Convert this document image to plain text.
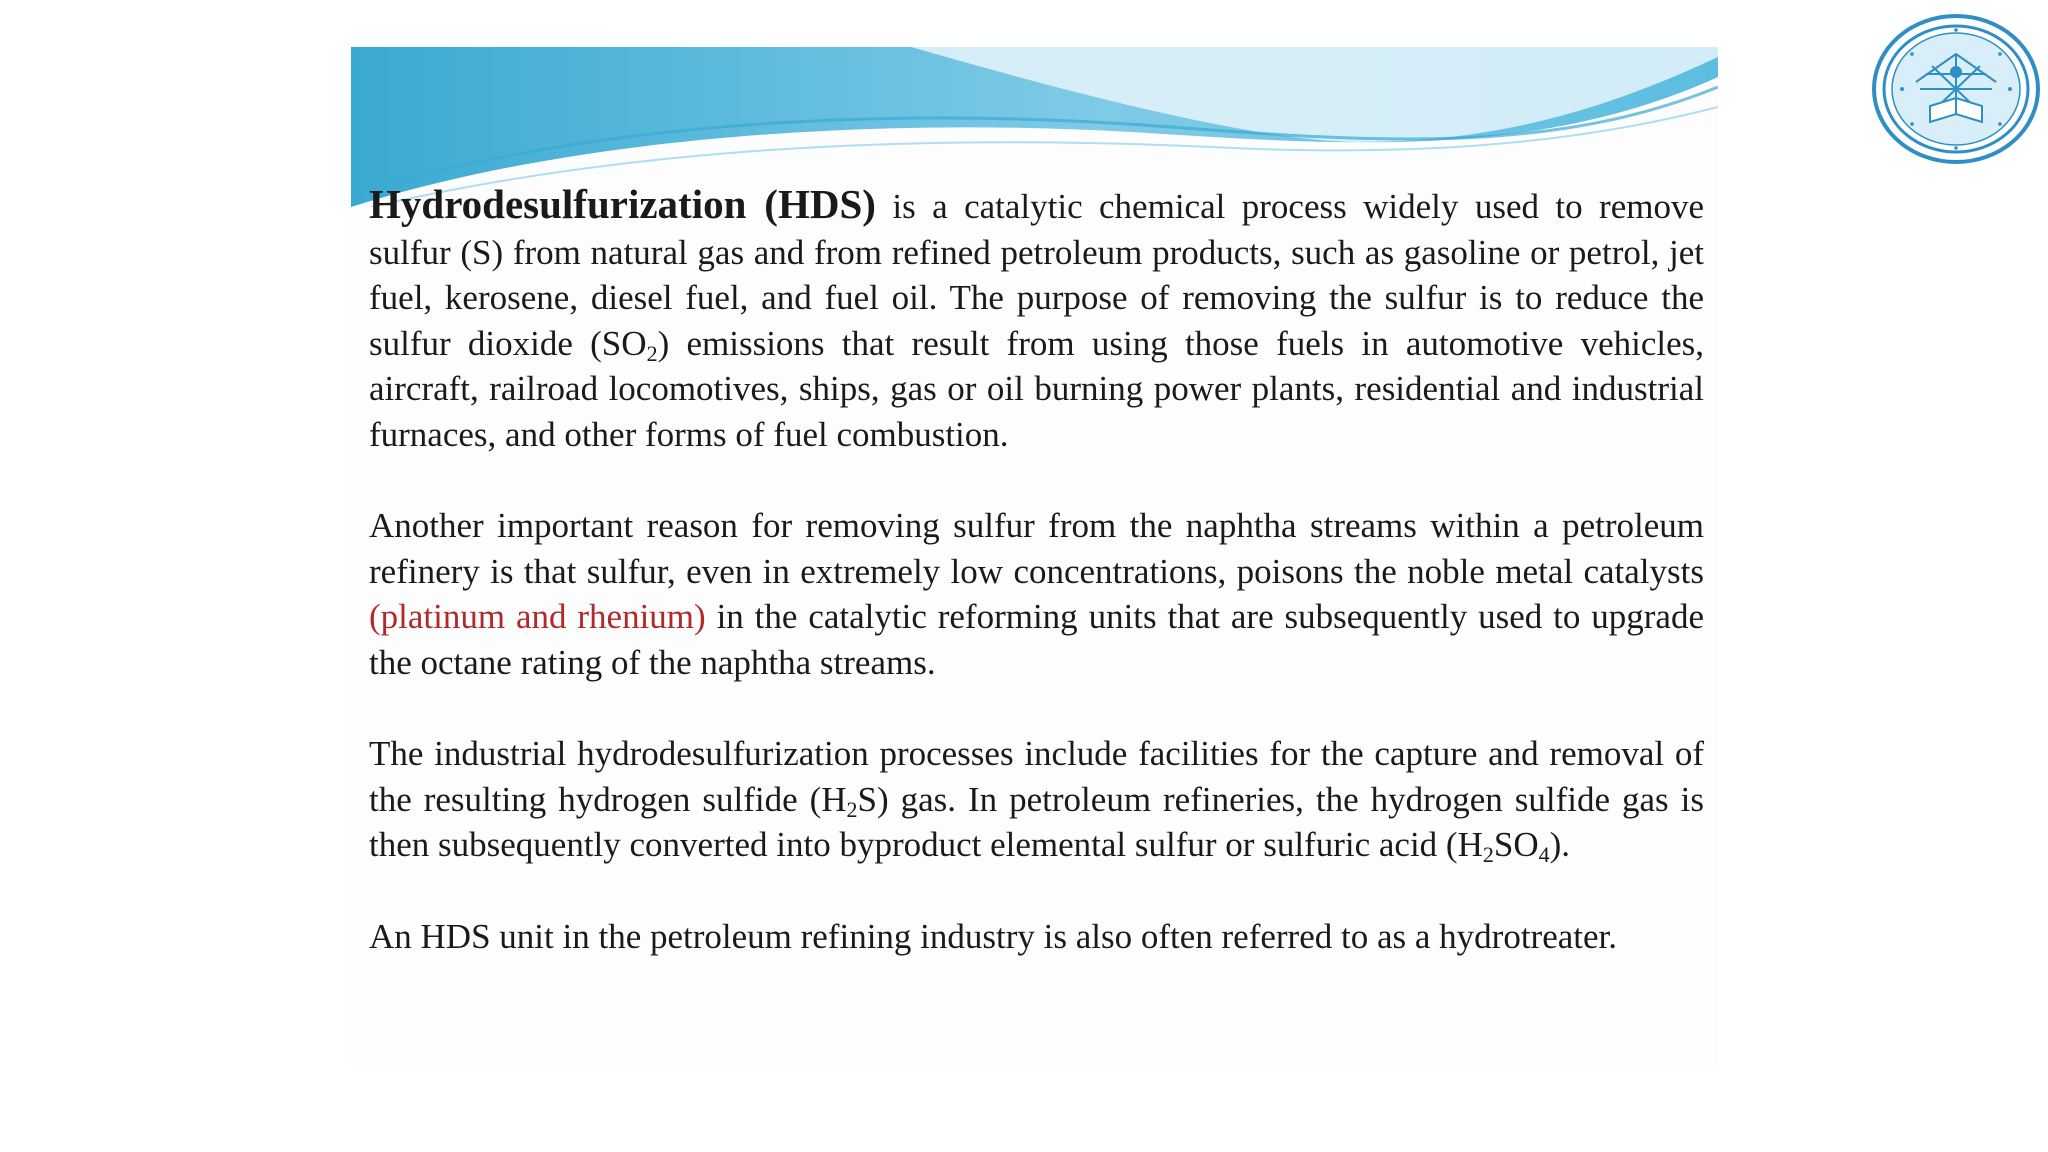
Hydrodesulfurization (HDS) is a catalytic chemical process widely used to remove sulfur (S) from natural gas and from refined petroleum products, such as gasoline or petrol, jet fuel, kerosene, diesel fuel, and fuel oil. The purpose of removing the sulfur is to reduce the sulfur dioxide $(SO_2)$ emissions that result from using those fuels in automotive vehicles, aircraft, railroad locomotives, ships, gas or oil burning power plants, residential and industrial furnaces, and other forms of fuel combustion.

Another important reason for removing sulfur from the naphtha streams within a petroleum refinery is that sulfur, even in extremely low concentrations, poisons the noble metal catalysts (platinum and rhenium) in the catalytic reforming units that are subsequently used to upgrade the octane rating of the naphtha streams.

The industrial hydrodesulfurization processes include facilities for the capture and removal of the resulting hydrogen sulfide $(H_2S)$ gas. In petroleum refineries, the hydrogen sulfide gas is then subsequently converted into byproduct elemental sulfur or sulfuric acid $(H_2SO_4)$.

An HDS unit in the petroleum refining industry is also often referred to as a hydrotreater.
